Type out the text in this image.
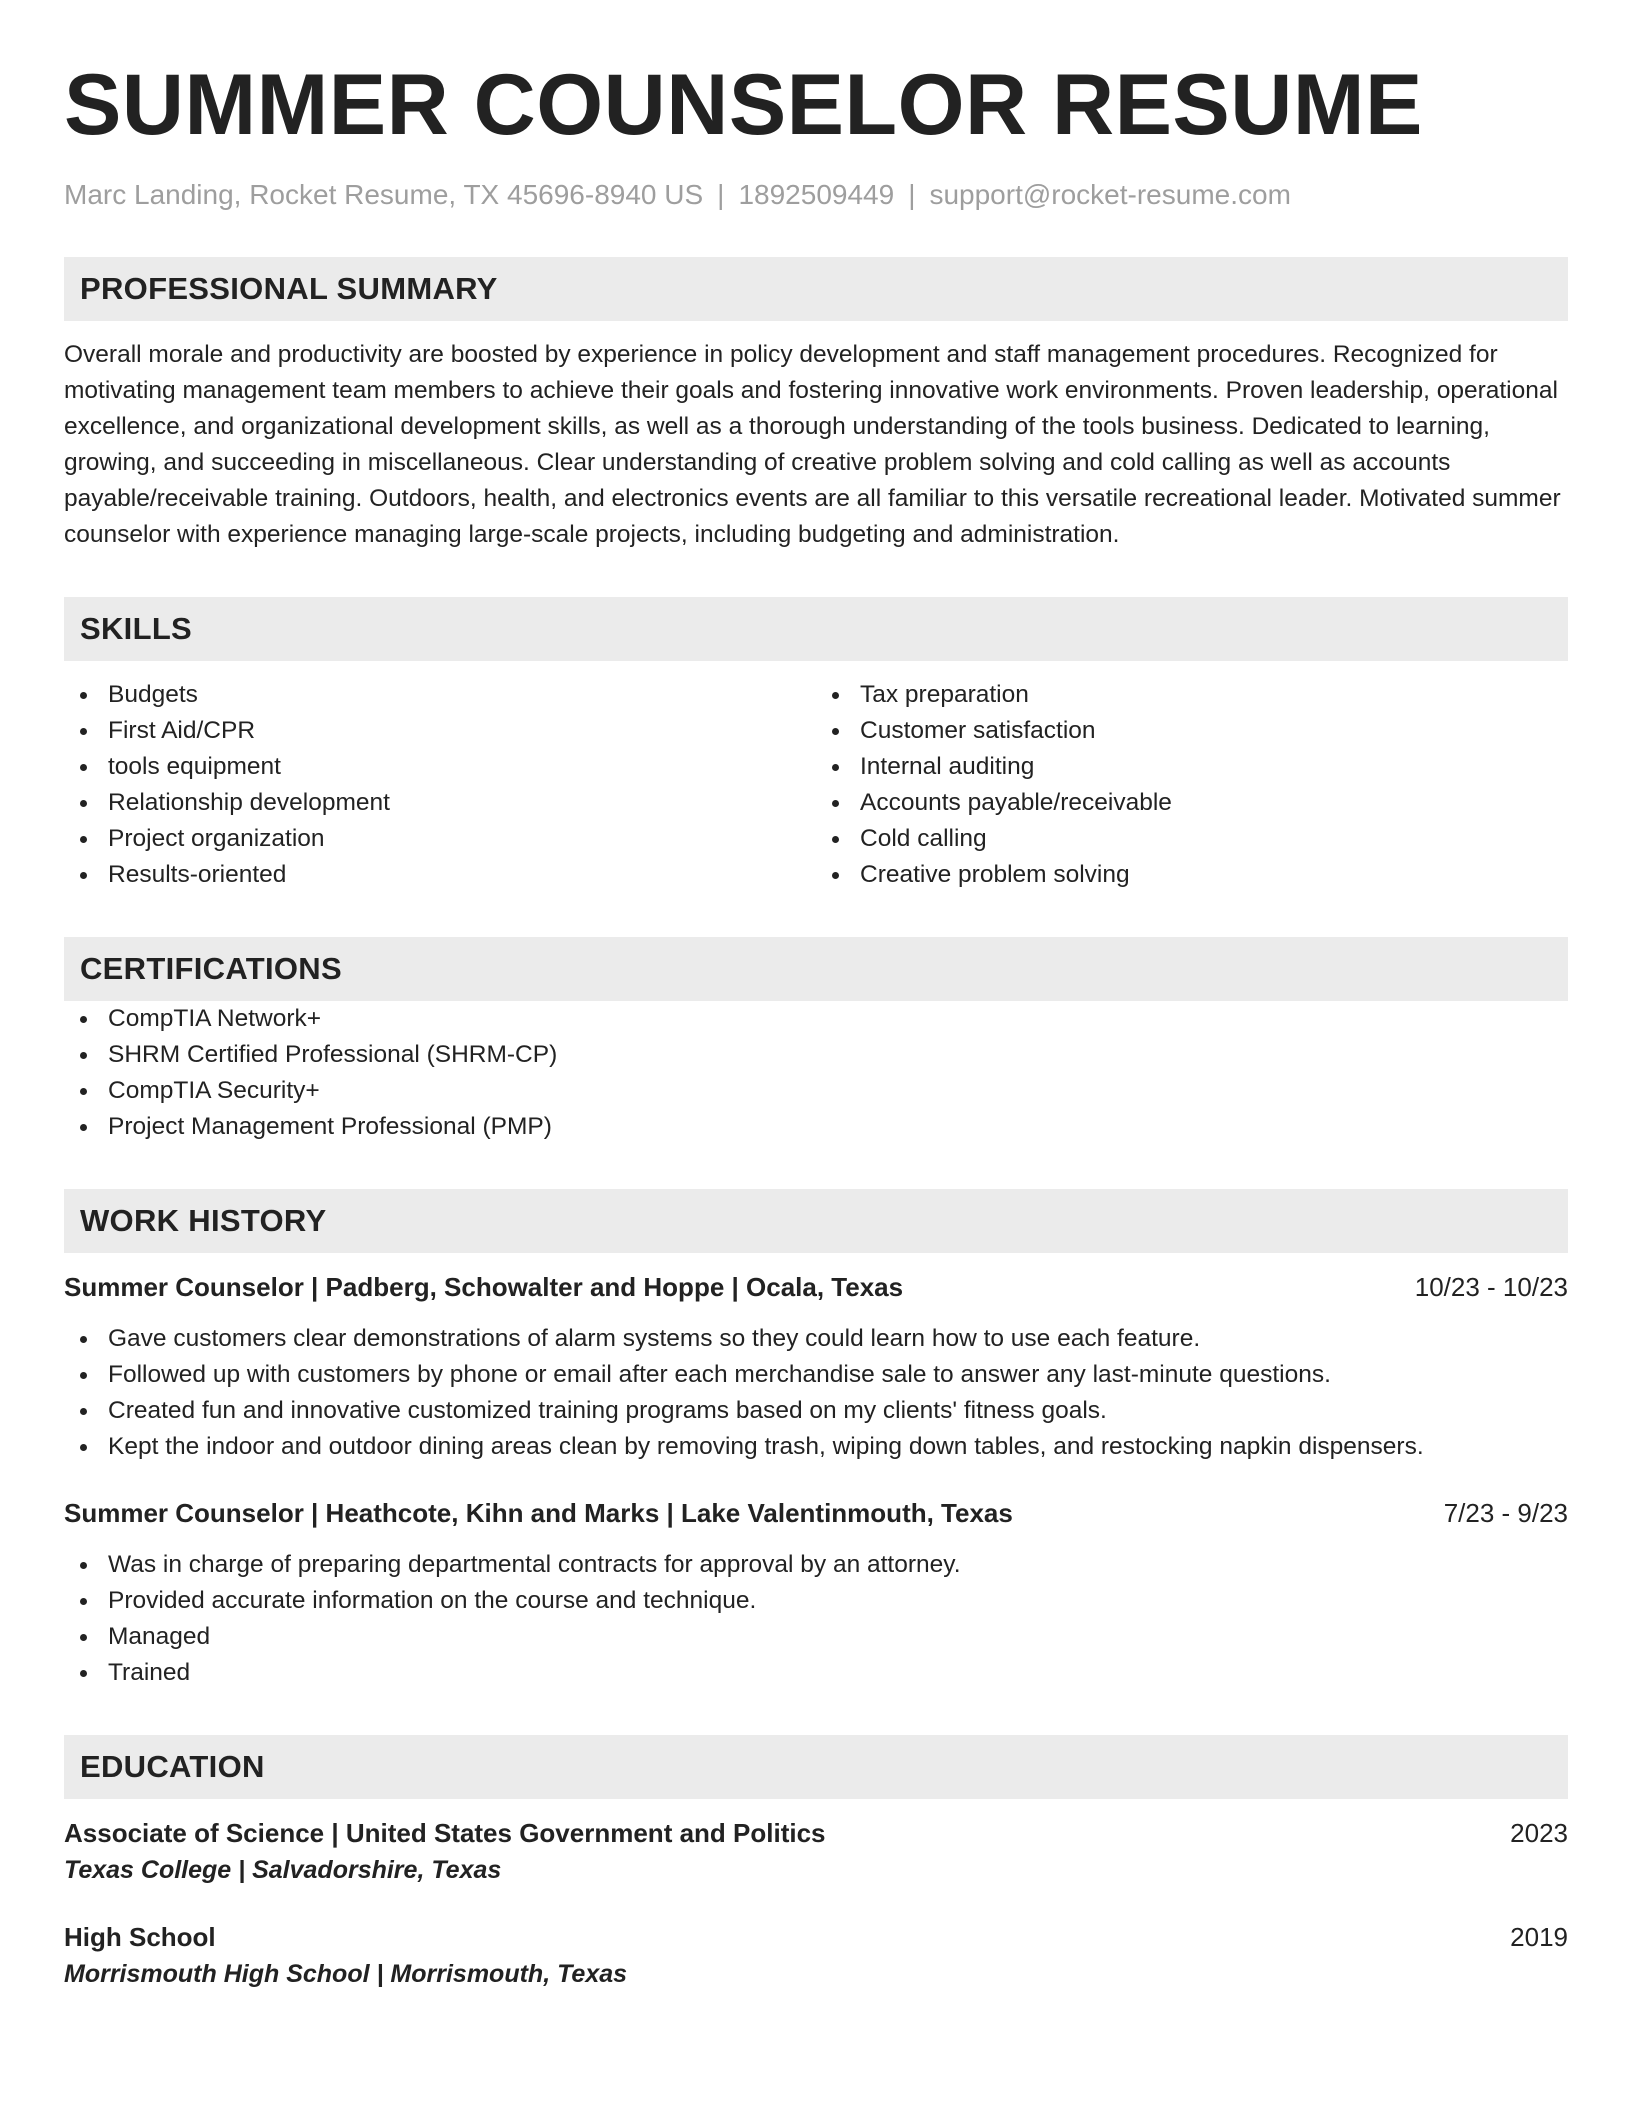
SUMMER COUNSELOR RESUME
Marc Landing, Rocket Resume, TX 45696-8940 US | 1892509449 | support@rocket-resume.com
PROFESSIONAL SUMMARY
Overall morale and productivity are boosted by experience in policy development and staff management procedures. Recognized for motivating management team members to achieve their goals and fostering innovative work environments. Proven leadership, operational excellence, and organizational development skills, as well as a thorough understanding of the tools business. Dedicated to learning, growing, and succeeding in miscellaneous. Clear understanding of creative problem solving and cold calling as well as accounts payable/receivable training. Outdoors, health, and electronics events are all familiar to this versatile recreational leader. Motivated summer counselor with experience managing large-scale projects, including budgeting and administration.
SKILLS
Budgets
First Aid/CPR
tools equipment
Relationship development
Project organization
Results-oriented
Tax preparation
Customer satisfaction
Internal auditing
Accounts payable/receivable
Cold calling
Creative problem solving
CERTIFICATIONS
CompTIA Network+
SHRM Certified Professional (SHRM-CP)
CompTIA Security+
Project Management Professional (PMP)
WORK HISTORY
Summer Counselor | Padberg, Schowalter and Hoppe | Ocala, Texas	10/23 - 10/23
Gave customers clear demonstrations of alarm systems so they could learn how to use each feature.
Followed up with customers by phone or email after each merchandise sale to answer any last-minute questions.
Created fun and innovative customized training programs based on my clients' fitness goals.
Kept the indoor and outdoor dining areas clean by removing trash, wiping down tables, and restocking napkin dispensers.
Summer Counselor | Heathcote, Kihn and Marks | Lake Valentinmouth, Texas	7/23 - 9/23
Was in charge of preparing departmental contracts for approval by an attorney.
Provided accurate information on the course and technique.
Managed
Trained
EDUCATION
Associate of Science | United States Government and Politics	2023
Texas College | Salvadorshire, Texas
High School	2019
Morrismouth High School | Morrismouth, Texas
